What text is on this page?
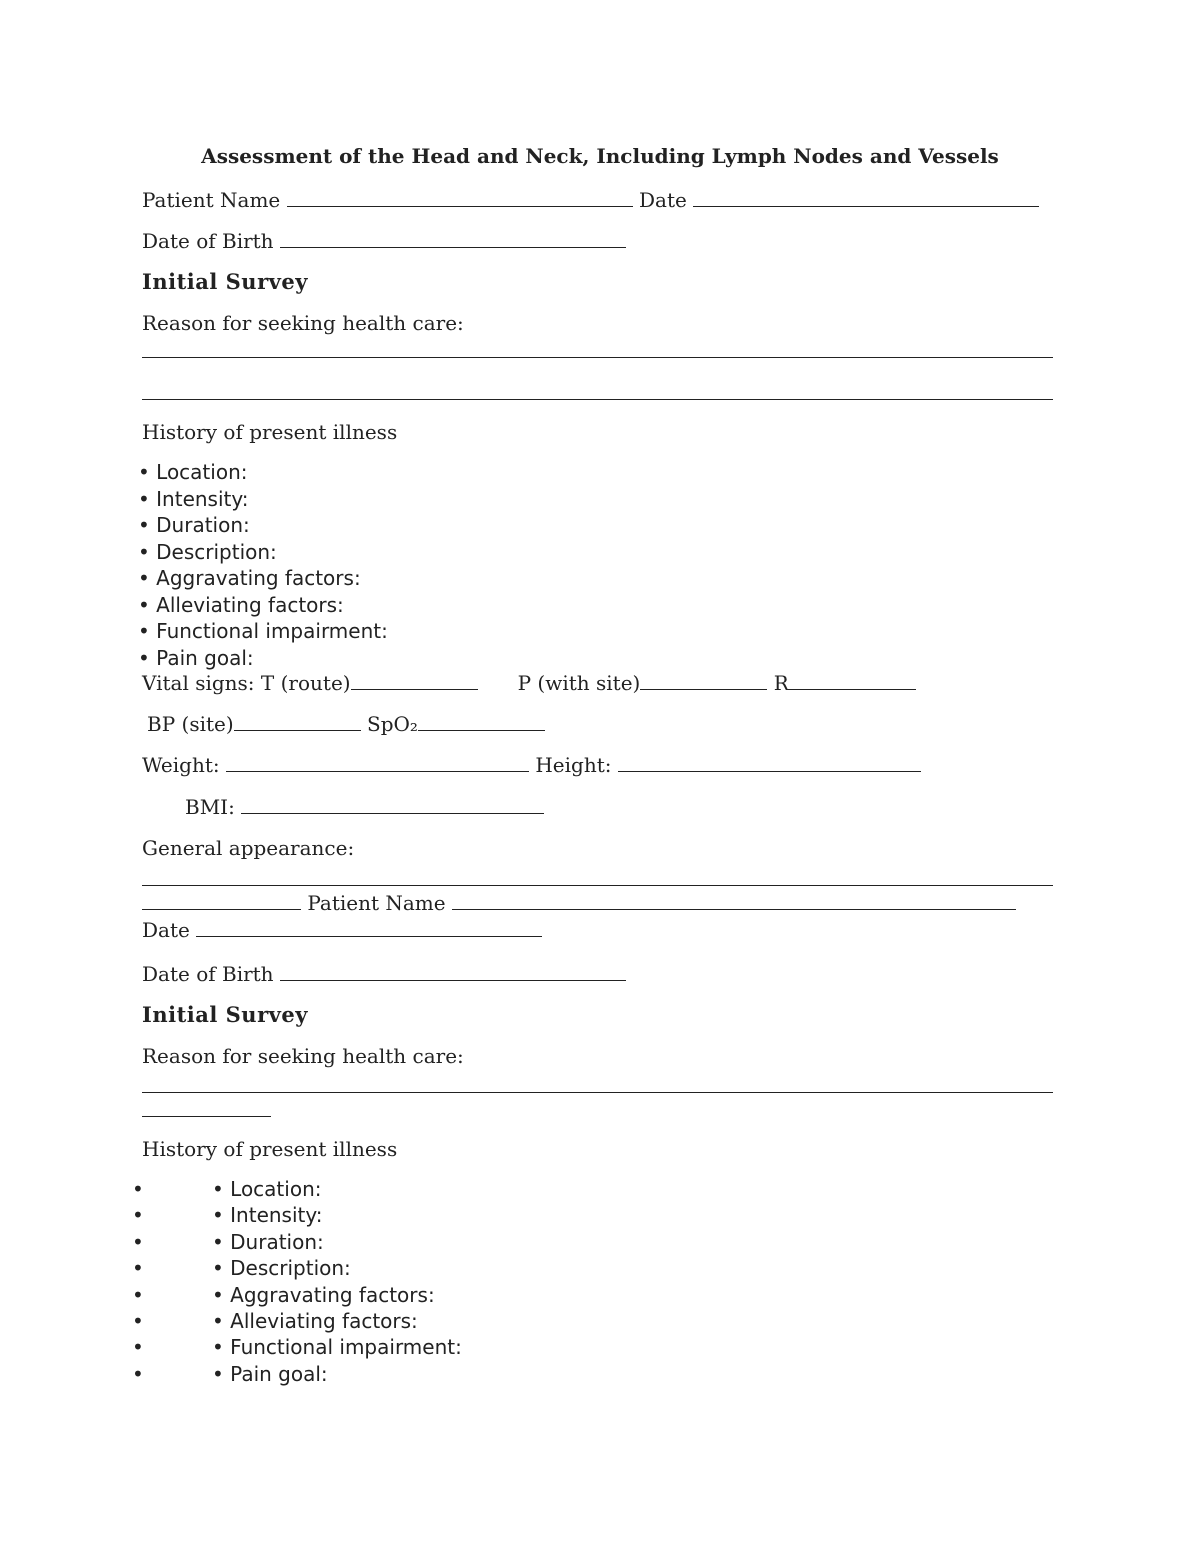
Assessment of the Head and Neck, Including Lymph Nodes and Vessels
Patient Name	Date
Date of Birth
Initial Survey
Reason for seeking health care:
History of present illness
• Location:
• Intensity:
• Duration:
• Description:
• Aggravating factors:
• Alleviating factors:
• Functional impairment:
• Pain goal:
Vital signs: T (route)	P (with site)	R
BP (site)	SpO₂
Weight:	Height:
BMI:
General appearance:
Patient Name
Date
Date of Birth
Initial Survey
Reason for seeking health care:
History of present illness
•	• Location:
•	• Intensity:
•	• Duration:
•	• Description:
•	• Aggravating factors:
•	• Alleviating factors:
•	• Functional impairment:
•	• Pain goal:
